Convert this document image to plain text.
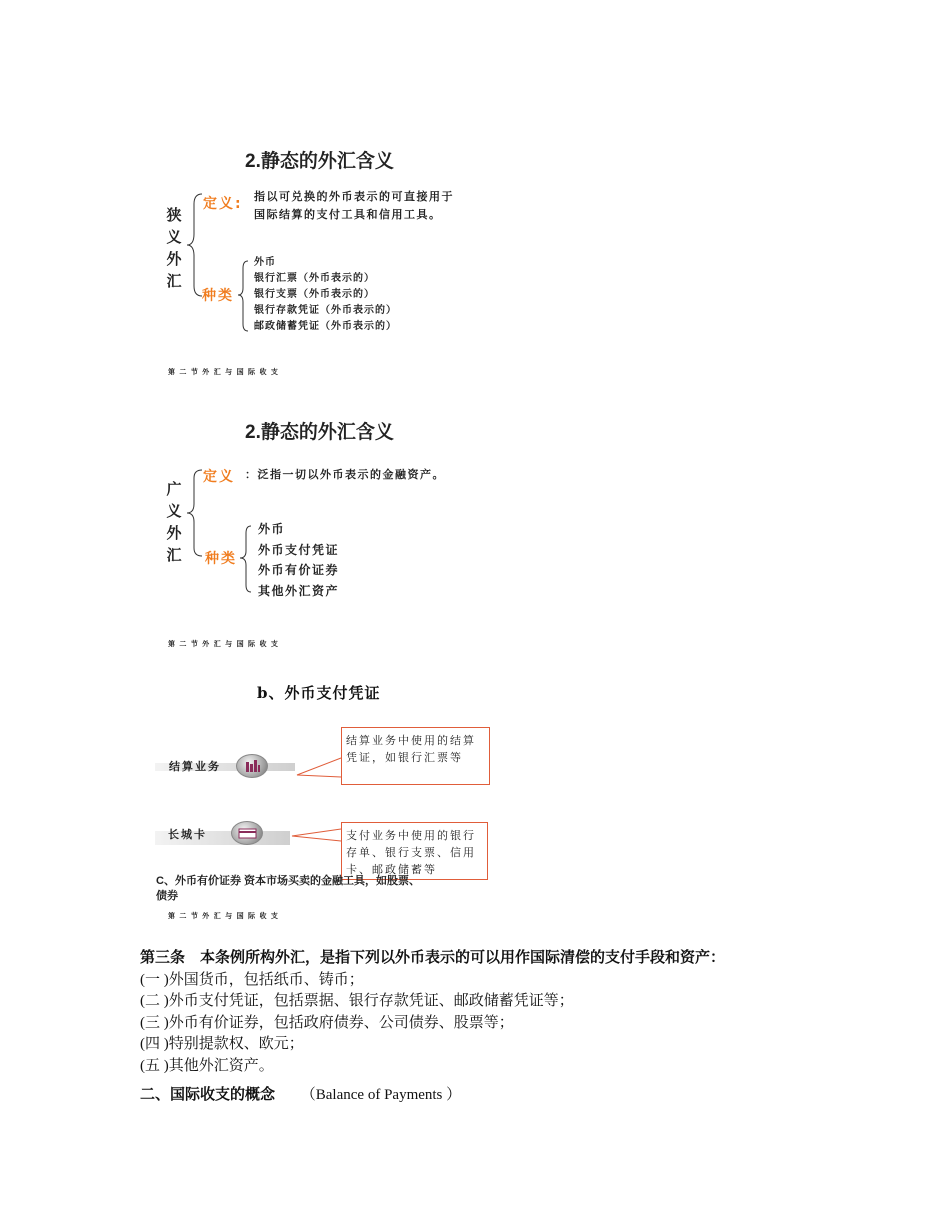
2.静态的外汇含义
狭
义
外
汇
定义: 指以可兑换的外币表示的可直接用于
国际结算的支付工具和信用工具。
种类
外币
银行汇票（外币表示的）
银行支票（外币表示的）
银行存款凭证（外币表示的）
邮政储蓄凭证（外币表示的）
第 二 节 外 汇 与 国 际 收 支
2.静态的外汇含义
广
义
外
汇
定义 ：泛指一切以外币表示的金融资产。
种类
外币
外币支付凭证
外币有价证券
其他外汇资产
第 二 节 外 汇 与 国 际 收 支
b、外币支付凭证
结算业务
结算业务中使用的结算凭证，如银行汇票等
长城卡	支付业务中使用的银行存单、银行支票、信用卡、邮政储蓄等
C、外币有价证券 资本市场买卖的金融工具，如股票、
债券
第 二 节 外 汇 与 国 际 收 支
第三条　本条例所构外汇，是指下列以外币表示的可以用作国际清偿的支付手段和资产：
(一 )外国货币，包括纸币、铸币；
(二 )外币支付凭证，包括票据、银行存款凭证、邮政储蓄凭证等；
(三 )外币有价证券，包括政府债券、公司债券、股票等；
(四 )特别提款权、欧元；
(五 )其他外汇资产。
二、国际收支的概念 （Balance of Payments ）
